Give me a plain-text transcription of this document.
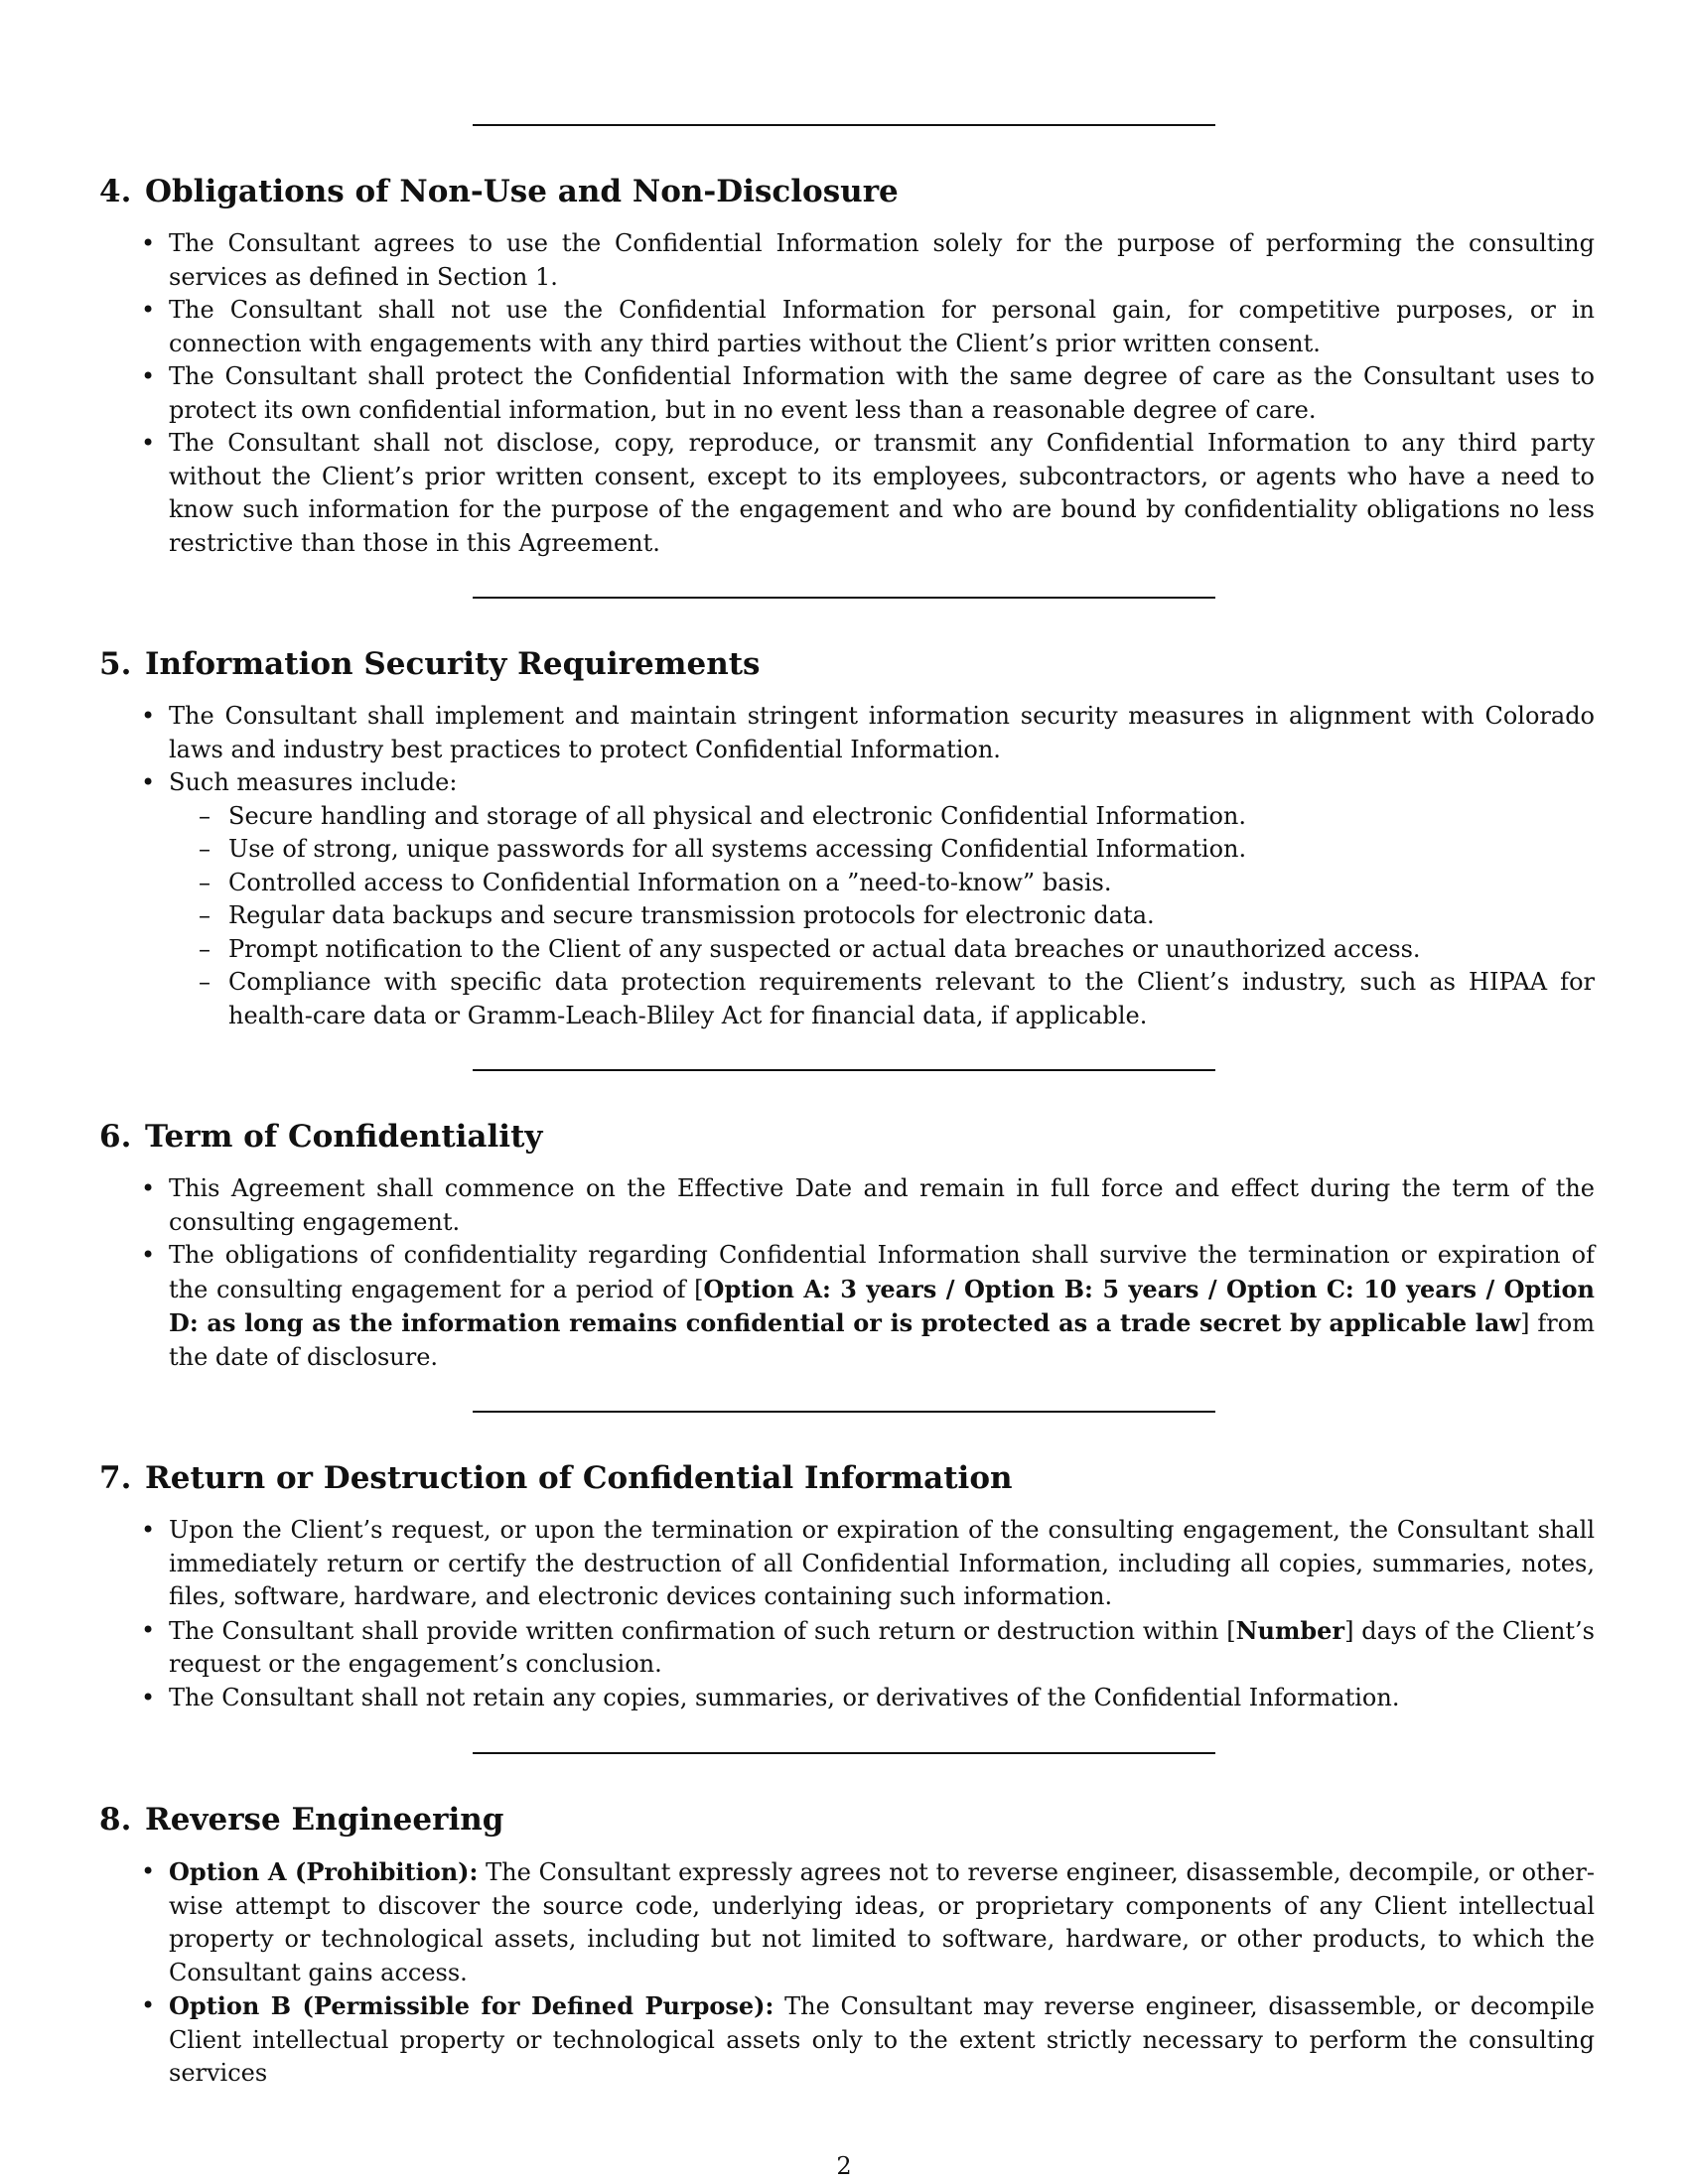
4. Obligations of Non-Use and Non-Disclosure
• The Consultant agrees to use the Confidential Information solely for the purpose of performing the consulting services as defined in Section 1.
• The Consultant shall not use the Confidential Information for personal gain, for competitive purposes, or in connection with engagements with any third parties without the Client’s prior written consent.
• The Consultant shall protect the Confidential Information with the same degree of care as the Consultant uses to protect its own confidential information, but in no event less than a reasonable degree of care.
• The Consultant shall not disclose, copy, reproduce, or transmit any Confidential Information to any third party without the Client’s prior written consent, except to its employees, subcontractors, or agents who have a need to know such information for the purpose of the engagement and who are bound by confidentiality obligations no less restrictive than those in this Agreement.
5. Information Security Requirements
• The Consultant shall implement and maintain stringent information security measures in alignment with Colorado laws and industry best practices to protect Confidential Information.
• Such measures include:
– Secure handling and storage of all physical and electronic Confidential Information.
– Use of strong, unique passwords for all systems accessing Confidential Information.
– Controlled access to Confidential Information on a ”need-to-know” basis.
– Regular data backups and secure transmission protocols for electronic data.
– Prompt notification to the Client of any suspected or actual data breaches or unauthorized access.
– Compliance with specific data protection requirements relevant to the Client’s industry, such as HIPAA for health-care data or Gramm-Leach-Bliley Act for financial data, if applicable.
6. Term of Confidentiality
• This Agreement shall commence on the Effective Date and remain in full force and effect during the term of the consulting engagement.
• The obligations of confidentiality regarding Confidential Information shall survive the termination or expiration of the consulting engagement for a period of [Option A: 3 years / Option B: 5 years / Option C: 10 years / Option D: as long as the information remains confidential or is protected as a trade secret by applicable law] from the date of disclosure.
7. Return or Destruction of Confidential Information
• Upon the Client’s request, or upon the termination or expiration of the consulting engagement, the Consultant shall immediately return or certify the destruction of all Confidential Information, including all copies, summaries, notes, files, software, hardware, and electronic devices containing such information.
• The Consultant shall provide written confirmation of such return or destruction within [Number] days of the Client’s request or the engagement’s conclusion.
• The Consultant shall not retain any copies, summaries, or derivatives of the Confidential Information.
8. Reverse Engineering
• Option A (Prohibition): The Consultant expressly agrees not to reverse engineer, disassemble, decompile, or other-wise attempt to discover the source code, underlying ideas, or proprietary components of any Client intellectual property or technological assets, including but not limited to software, hardware, or other products, to which the Consultant gains access.
• Option B (Permissible for Defined Purpose): The Consultant may reverse engineer, disassemble, or decompile Client intellectual property or technological assets only to the extent strictly necessary to perform the consulting services
2
